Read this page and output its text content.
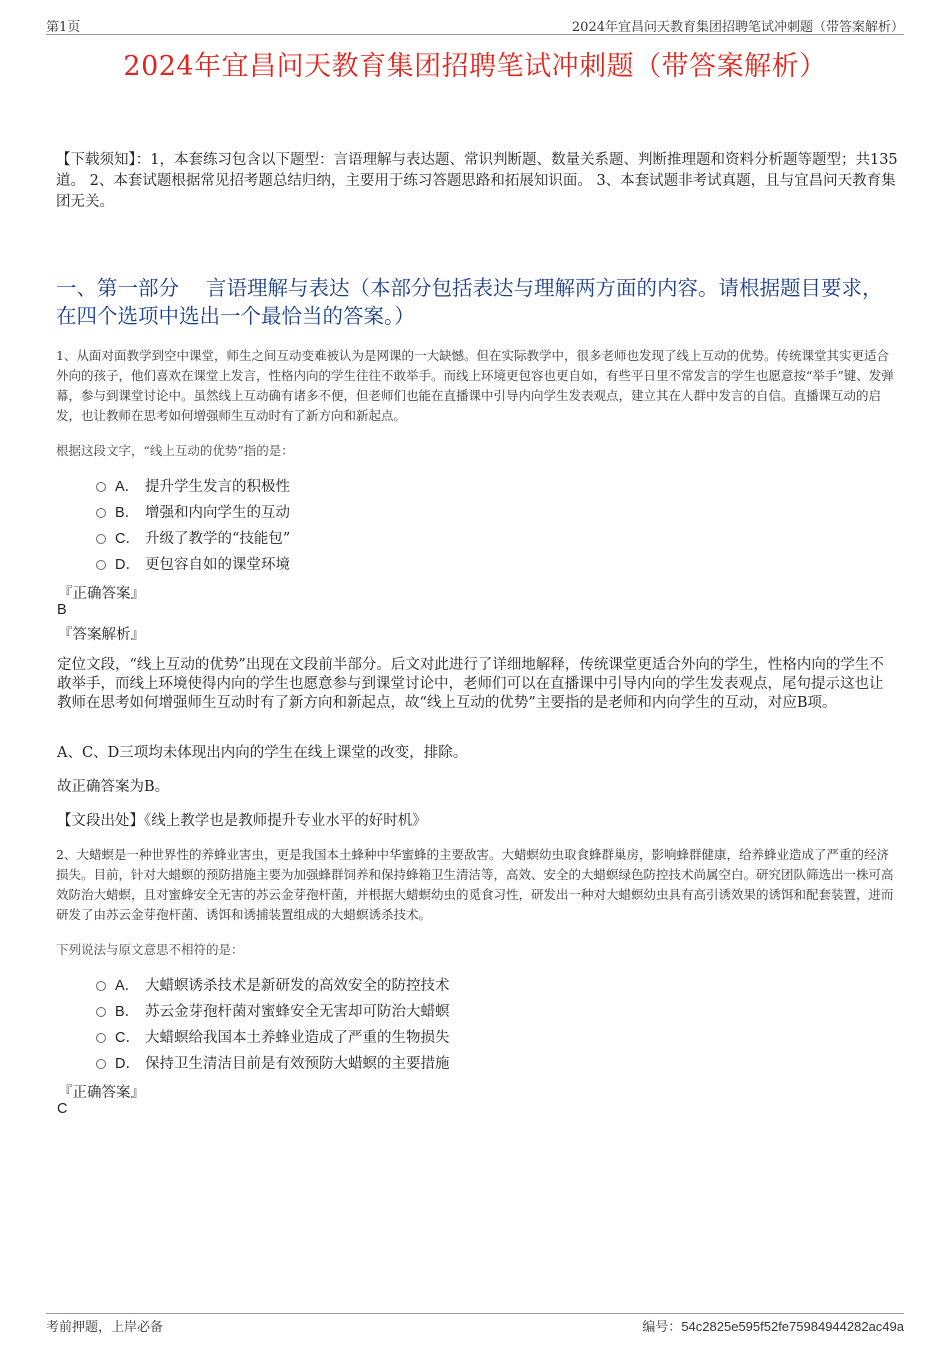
第1页	2024年宜昌问天教育集团招聘笔试冲刺题（带答案解析）
2024年宜昌问天教育集团招聘笔试冲刺题（带答案解析）
【下载须知】：1，本套练习包含以下题型：言语理解与表达题、常识判断题、数量关系题、判断推理题和资料分析题等题型；共135道。 2、本套试题根据常见招考题总结归纳，主要用于练习答题思路和拓展知识面。 3、本套试题非考试真题，且与宜昌问天教育集团无关。
一、第一部分　 言语理解与表达（本部分包括表达与理解两方面的内容。请根据题目要求，在四个选项中选出一个最恰当的答案。）
1、从面对面教学到空中课堂，师生之间互动变难被认为是网课的一大缺憾。但在实际教学中，很多老师也发现了线上互动的优势。传统课堂其实更适合外向的孩子，他们喜欢在课堂上发言，性格内向的学生往往不敢举手。而线上环境更包容也更自如，有些平日里不常发言的学生也愿意按“举手”键、发弹幕，参与到课堂讨论中。虽然线上互动确有诸多不便，但老师们也能在直播课中引导内向学生发表观点，建立其在人群中发言的自信。直播课互动的启发，也让教师在思考如何增强师生互动时有了新方向和新起点。
根据这段文字，“线上互动的优势”指的是：
A． 提升学生发言的积极性
B． 增强和内向学生的互动
C． 升级了教学的“技能包”
D． 更包容自如的课堂环境
『正确答案』
B
『答案解析』
定位文段，“线上互动的优势”出现在文段前半部分。后文对此进行了详细地解释，传统课堂更适合外向的学生，性格内向的学生不敢举手，而线上环境使得内向的学生也愿意参与到课堂讨论中，老师们可以在直播课中引导内向的学生发表观点，尾句提示这也让教师在思考如何增强师生互动时有了新方向和新起点，故“线上互动的优势”主要指的是老师和内向学生的互动，对应B项。
A、C、D三项均未体现出内向的学生在线上课堂的改变，排除。
故正确答案为B。
【文段出处】《线上教学也是教师提升专业水平的好时机》
2、大蜡螟是一种世界性的养蜂业害虫，更是我国本土蜂种中华蜜蜂的主要敌害。大蜡螟幼虫取食蜂群巢房，影响蜂群健康，给养蜂业造成了严重的经济损失。目前，针对大蜡螟的预防措施主要为加强蜂群饲养和保持蜂箱卫生清洁等，高效、安全的大蜡螟绿色防控技术尚属空白。研究团队筛选出一株可高效防治大蜡螟，且对蜜蜂安全无害的苏云金芽孢杆菌，并根据大蜡螟幼虫的觅食习性，研发出一种对大蜡螟幼虫具有高引诱效果的诱饵和配套装置，进而研发了由苏云金芽孢杆菌、诱饵和诱捕装置组成的大蜡螟诱杀技术。
下列说法与原文意思不相符的是：
A． 大蜡螟诱杀技术是新研发的高效安全的防控技术
B． 苏云金芽孢杆菌对蜜蜂安全无害却可防治大蜡螟
C． 大蜡螟给我国本土养蜂业造成了严重的生物损失
D． 保持卫生清洁目前是有效预防大蜡螟的主要措施
『正确答案』
C
考前押题，上岸必备	编号：54c2825e595f52fe75984944282ac49a
